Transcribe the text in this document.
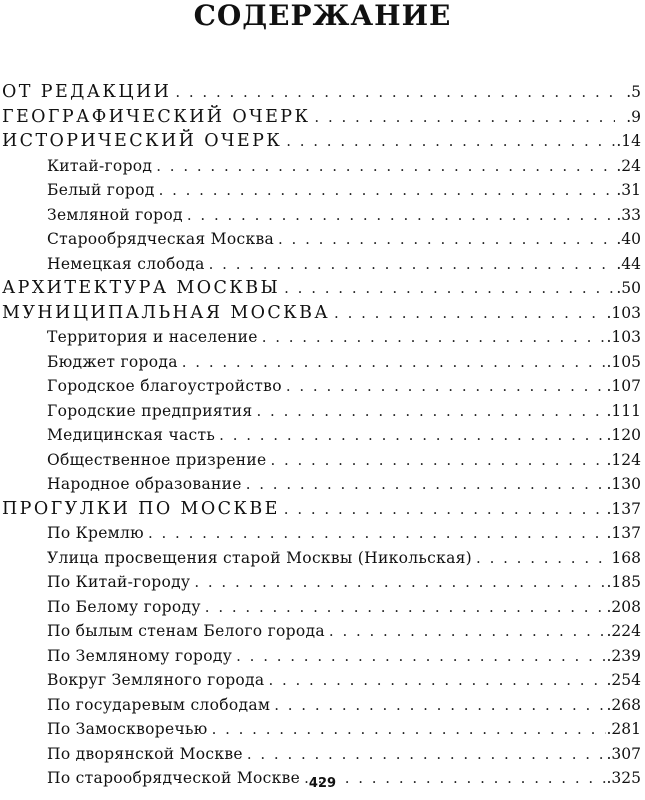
СОДЕРЖАНИЕ
ОТ РЕДАКЦИИ . . .	.5
ГЕОГРАФИЧЕСКИЙ ОЧЕРК . . .	.9
ИСТОРИЧЕСКИЙ ОЧЕРК . . .	.14
Китай-город . . .	.24
Белый город . . .	.31
Земляной город . . .	.33
Старообрядческая Москва . . .	.40
Немецкая слобода . . .	.44
АРХИТЕКТУРА МОСКВЫ . . .	.50
МУНИЦИПАЛЬНАЯ МОСКВА . . .	.103
Территория и население . . .	.103
Бюджет города . . .	.105
Городское благоустройство . . .	.107
Городские предприятия . . .	.111
Медицинская часть . . .	.120
Общественное призрение . . .	.124
Народное образование . . .	.130
ПРОГУЛКИ ПО МОСКВЕ . . .	.137
По Кремлю . . .	.137
Улица просвещения старой Москвы (Никольская) . . .	168
По Китай-городу . . .	.185
По Белому городу . . .	.208
По былым стенам Белого города . . .	.224
По Земляному городу . . .	.239
Вокруг Земляного города . . .	.254
По государевым слободам . . .	.268
По Замоскворечью . . .	.281
По дворянской Москве . . .	.307
По старообрядческой Москве . . .	.325
429
